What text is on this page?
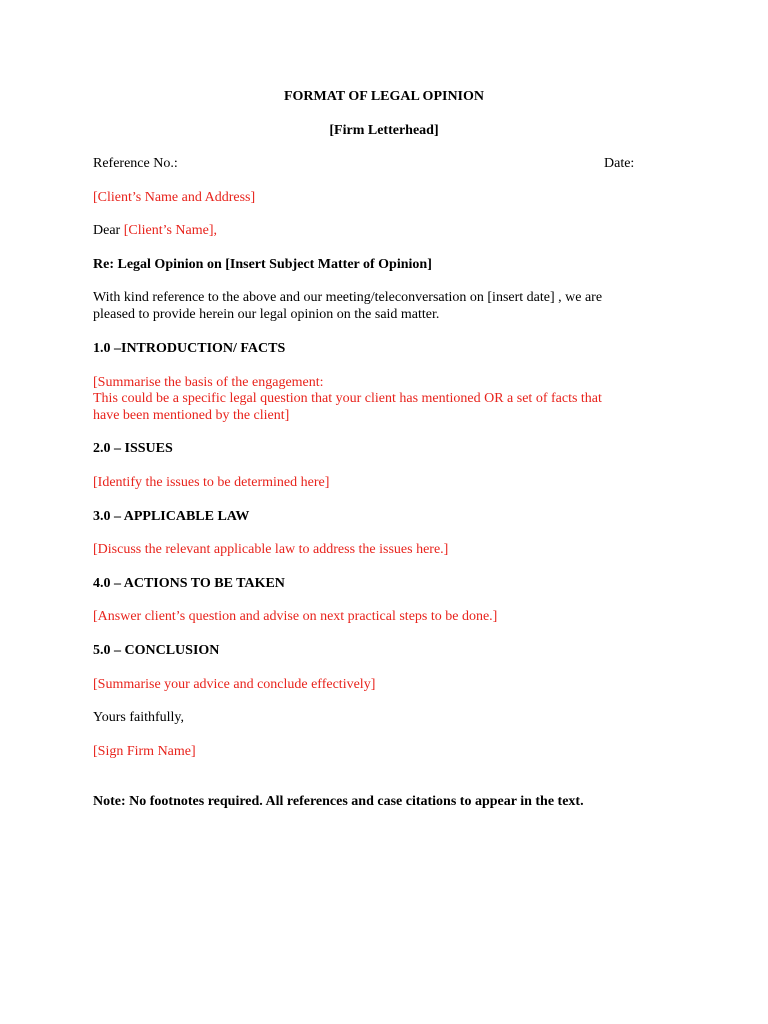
FORMAT OF LEGAL OPINION
[Firm Letterhead]
Reference No.:	Date:
[Client’s Name and Address]
Dear [Client’s Name],
Re: Legal Opinion on [Insert Subject Matter of Opinion]
With kind reference to the above and our meeting/teleconversation on [insert date] , we are
pleased to provide herein our legal opinion on the said matter.
1.0 –INTRODUCTION/ FACTS
[Summarise the basis of the engagement:
This could be a specific legal question that your client has mentioned OR a set of facts that
have been mentioned by the client]
2.0 – ISSUES
[Identify the issues to be determined here]
3.0 – APPLICABLE LAW
[Discuss the relevant applicable law to address the issues here.]
4.0 – ACTIONS TO BE TAKEN
[Answer client’s question and advise on next practical steps to be done.]
5.0 – CONCLUSION
[Summarise your advice and conclude effectively]
Yours faithfully,
[Sign Firm Name]
Note: No footnotes required. All references and case citations to appear in the text.
